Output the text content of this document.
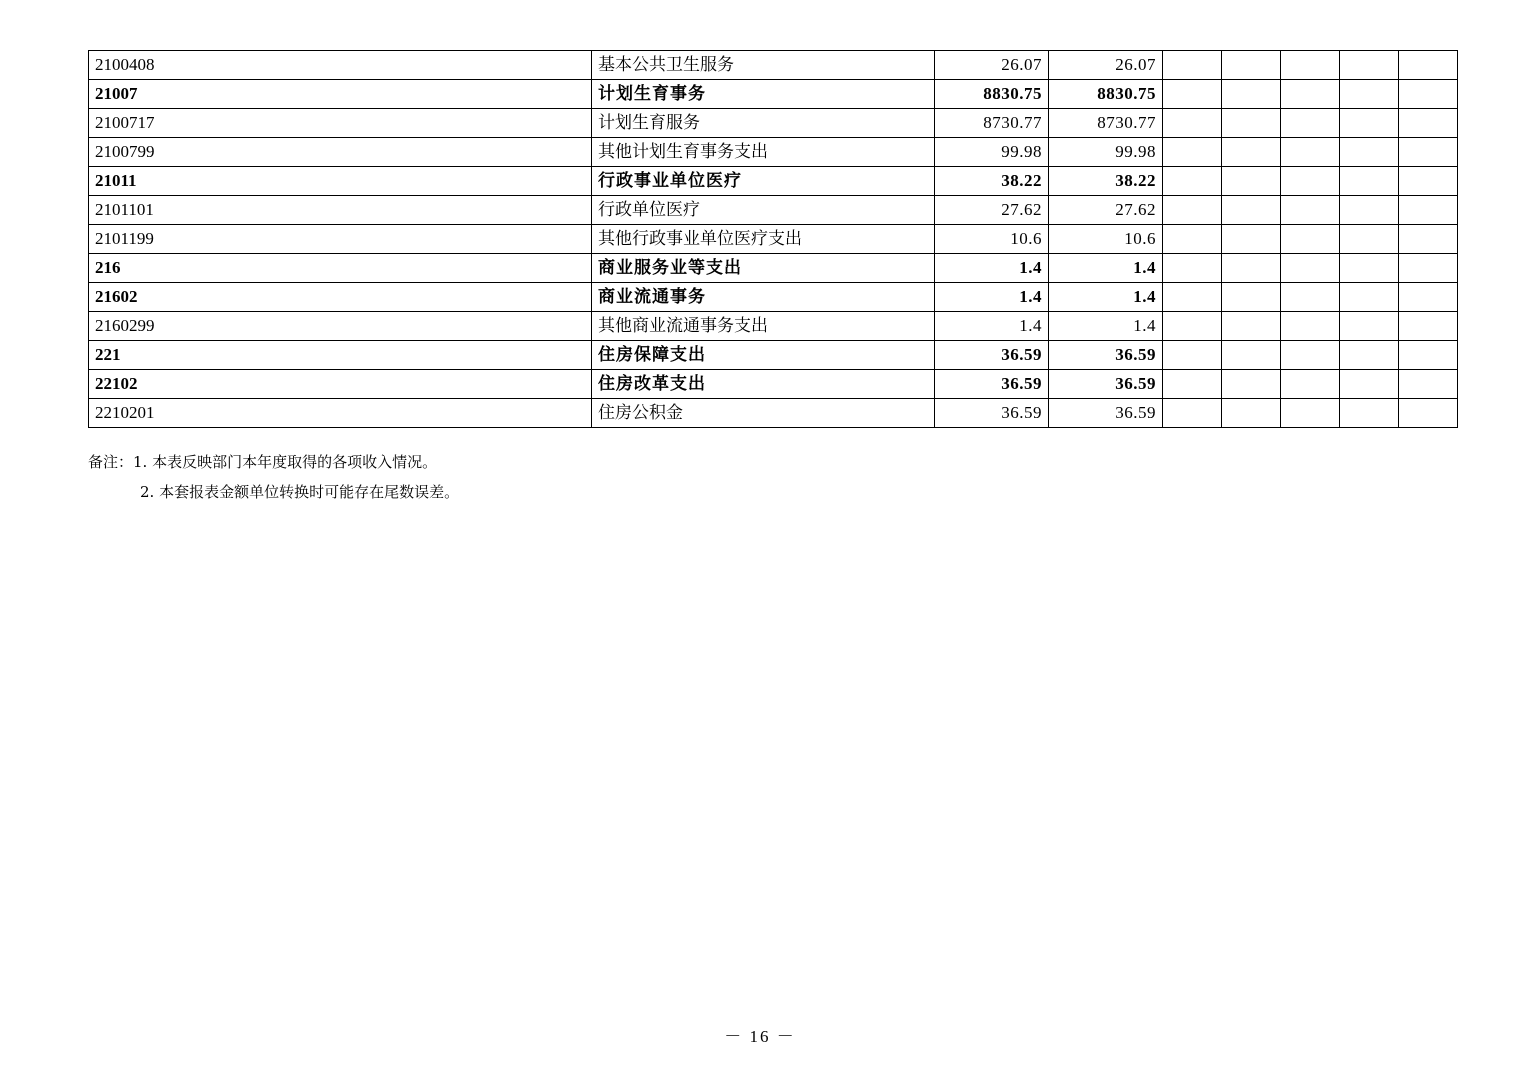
2100408	基本公共卫生服务	26.07	26.07					
21007	计划生育事务	8830.75	8830.75					
2100717	计划生育服务	8730.77	8730.77					
2100799	其他计划生育事务支出	99.98	99.98					
21011	行政事业单位医疗	38.22	38.22					
2101101	行政单位医疗	27.62	27.62					
2101199	其他行政事业单位医疗支出	10.6	10.6					
216	商业服务业等支出	1.4	1.4					
21602	商业流通事务	1.4	1.4					
2160299	其他商业流通事务支出	1.4	1.4					
221	住房保障支出	36.59	36.59					
22102	住房改革支出	36.59	36.59					
2210201	住房公积金	36.59	36.59					
备注：1. 本表反映部门本年度取得的各项收入情况。
2. 本套报表金额单位转换时可能存在尾数误差。
－ 16 －
